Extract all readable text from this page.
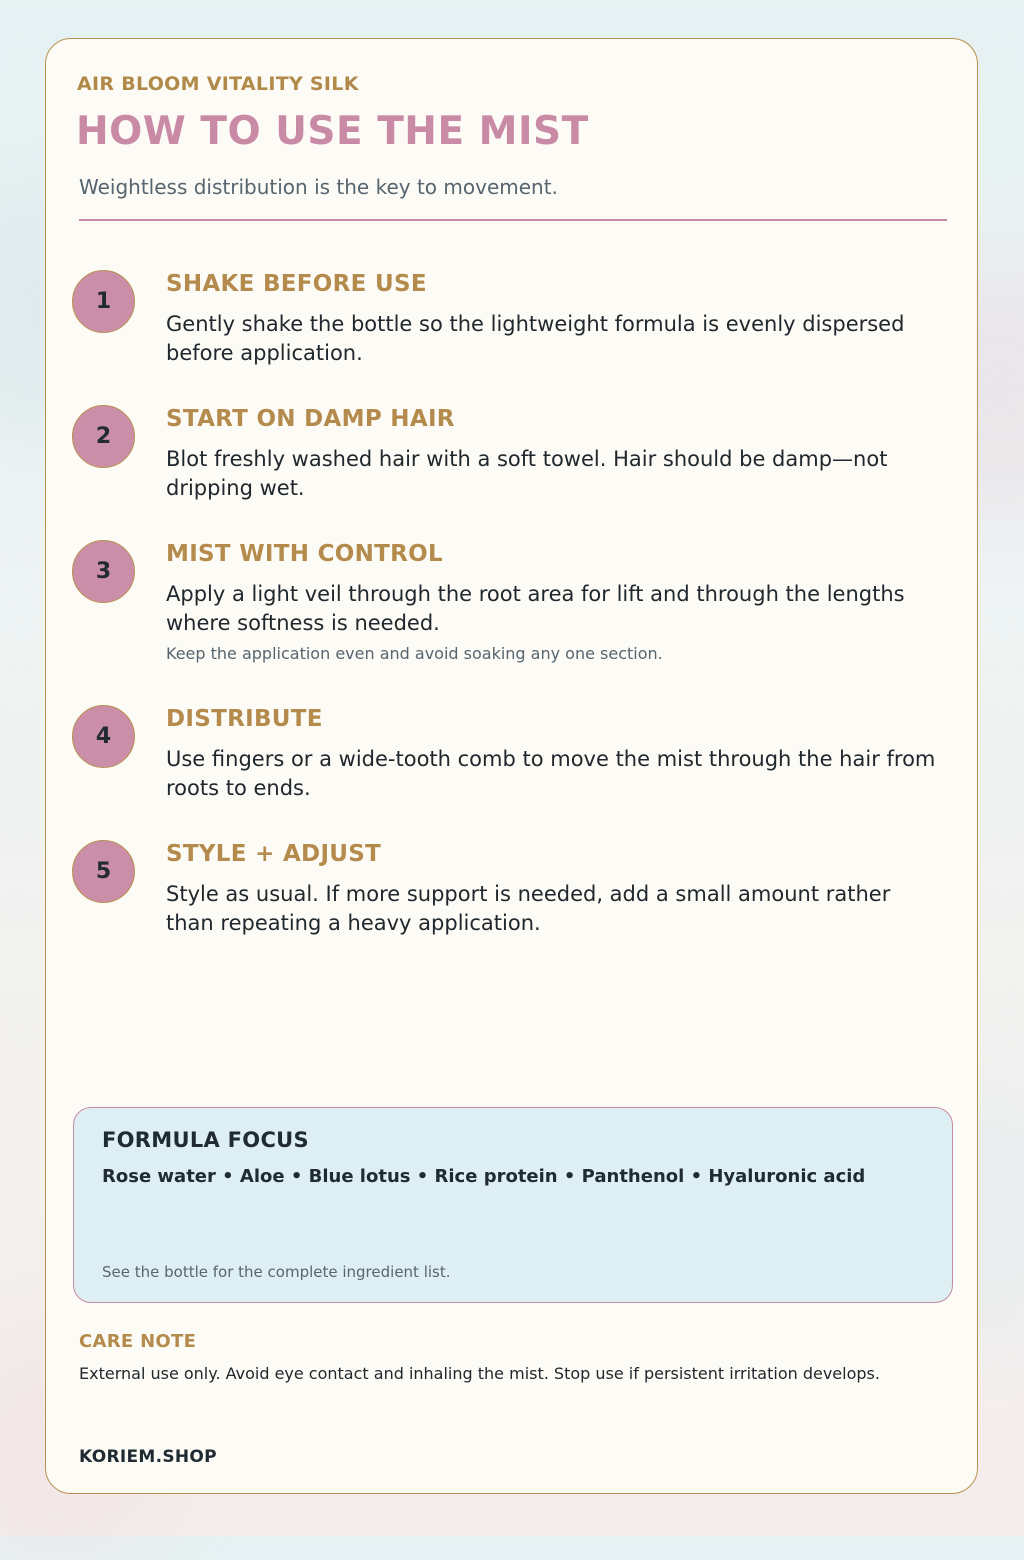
AIR BLOOM VITALITY SILK

HOW TO USE THE MIST

Weightless distribution is the key to movement.

1
SHAKE BEFORE USE

Gently shake the bottle so the lightweight formula is evenly dispersed before application.

2
START ON DAMP HAIR

Blot freshly washed hair with a soft towel. Hair should be damp—not dripping wet.

3
MIST WITH CONTROL

Apply a light veil through the root area for lift and through the lengths where softness is needed.

Keep the application even and avoid soaking any one section.

4
DISTRIBUTE

Use fingers or a wide-tooth comb to move the mist through the hair from roots to ends.

5
STYLE + ADJUST

Style as usual. If more support is needed, add a small amount rather than repeating a heavy application.

FORMULA FOCUS

Rose water • Aloe • Blue lotus • Rice protein • Panthenol • Hyaluronic acid

See the bottle for the complete ingredient list.

CARE NOTE

External use only. Avoid eye contact and inhaling the mist. Stop use if persistent irritation develops.

KORIEM.SHOP
